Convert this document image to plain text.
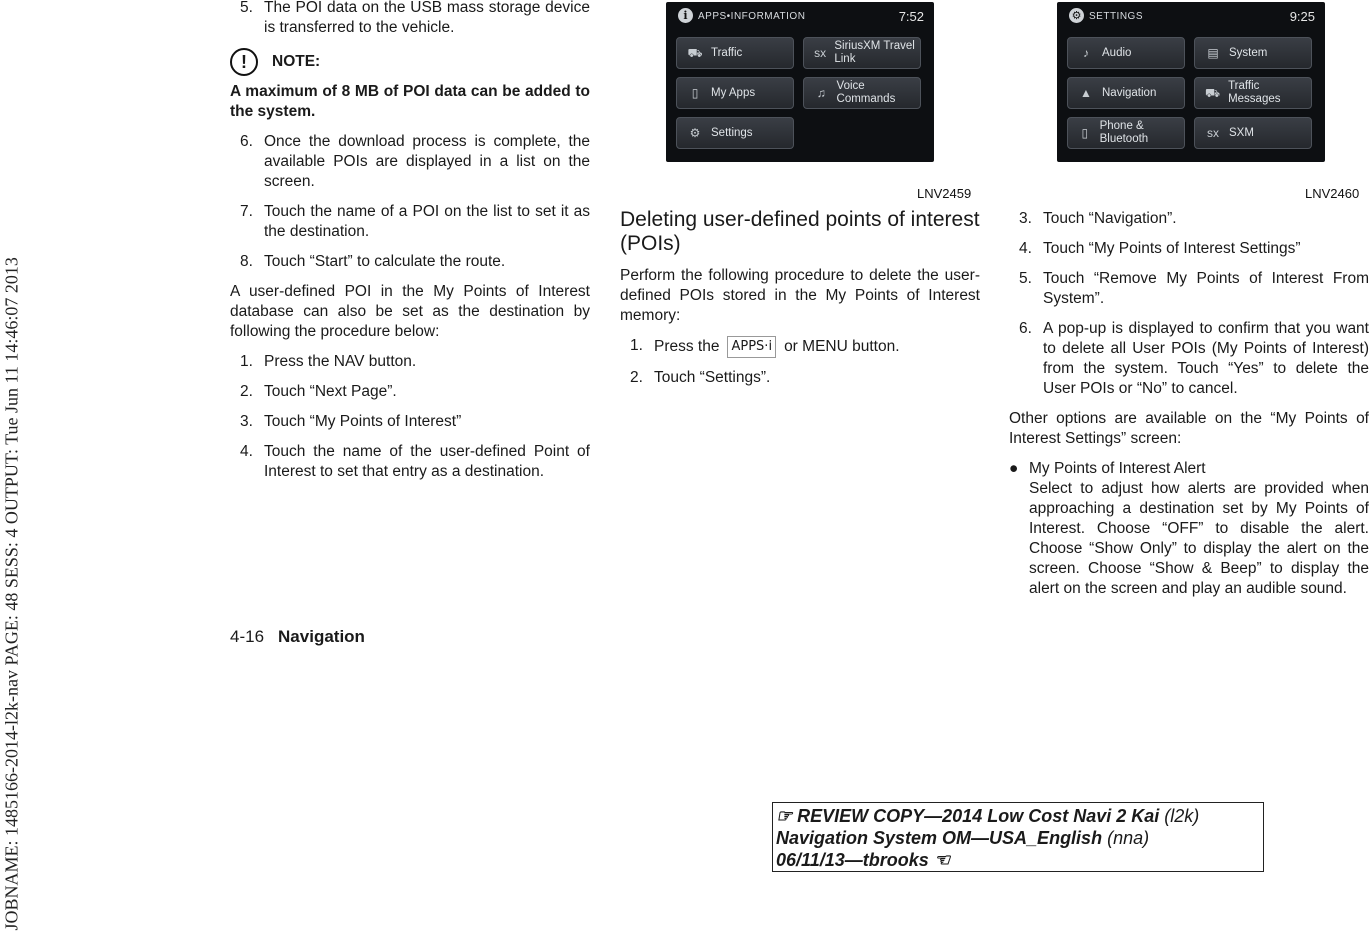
JOBNAME: 1485166-2014-l2k-nav PAGE: 48 SESS: 4 OUTPUT: Tue Jun 11 14:46:07 2013
5. The POI data on the USB mass storage device is transferred to the vehicle.
!	NOTE:

A maximum of 8 MB of POI data can be added to the system.

6. Once the download process is complete, the available POIs are displayed in a list on the screen.
7. Touch the name of a POI on the list to set it as the destination.
8. Touch “Start” to calculate the route.

A user-defined POI in the My Points of Interest database can also be set as the destination by following the procedure below:

1. Press the NAV button.
2. Touch “Next Page”.
3. Touch “My Points of Interest”
4. Touch the name of the user-defined Point of Interest to set that entry as a destination.
4-16 Navigation
i	APPS•INFORMATION	7:52
⛟ Traffic	sx SiriusXM Travel Link
▯	My Apps	♫ Voice Commands
⚙ Settings
LNV2459
⚙ SETTINGS	9:25
♪	Audio	▤ System
▲ Navigation	⛟ Traffic Messages
▯	Phone & Bluetooth	sx SXM
LNV2460
Deleting user-defined points of interest (POIs)

Perform the following procedure to delete the user-defined POIs stored in the My Points of Interest memory:

1. Press the APPS·i or MENU button.
2. Touch “Settings”.
3. Touch “Navigation”.
4. Touch “My Points of Interest Settings”
5. Touch “Remove My Points of Interest From System”.
6. A pop-up is displayed to confirm that you want to delete all User POIs (My Points of Interest) from the system. Touch “Yes” to delete the User POIs or “No” to cancel.

Other options are available on the “My Points of Interest Settings” screen:

● My Points of Interest Alert
Select to adjust how alerts are provided when approaching a destination set by My Points of Interest. Choose “OFF” to disable the alert. Choose “Show Only” to display the alert on the screen. Choose “Show & Beep” to display the alert on the screen and play an audible sound.
☞ REVIEW COPY—2014 Low Cost Navi 2 Kai (l2k)
Navigation System OM—USA_English (nna)
06/11/13—tbrooks ☜
